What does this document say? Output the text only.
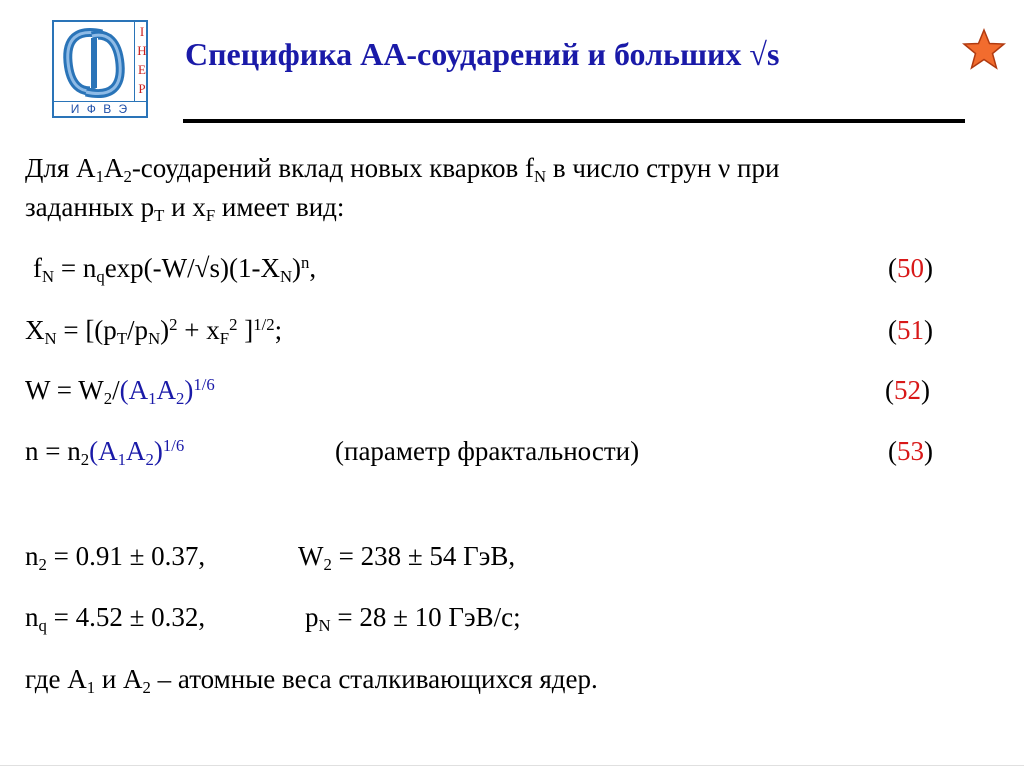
I
Н
Е
Р
И Ф В Э
Специфика АА-соударений и больших √s
Для $A_1A_2$-соударений вклад новых кварков $f_N$ в число струн ν при
заданных $p_T$ и $x_F$ имеет вид:
$f_N = n_q\exp(-W/√s)(1-X_N)^n$,	(50)
$X_N = [(p_T/p_N)^2 + x_F^2$ ]$^{1/2}$;	(51)
$W = W_2/(A_1A_2)^{1/6}$	(52)
$n = n_2(A_1A_2)^{1/6}$	(параметр фрактальности)	(53)
$n_2 = 0.91 \pm 0.37$,	$W_2 = 238 \pm 54$ ГэВ,
$n_q = 4.52 \pm 0.32$,	$p_N = 28 \pm 10$ ГэВ/c;
где $A_1$ и $A_2$ – атомные веса сталкивающихся ядер.
